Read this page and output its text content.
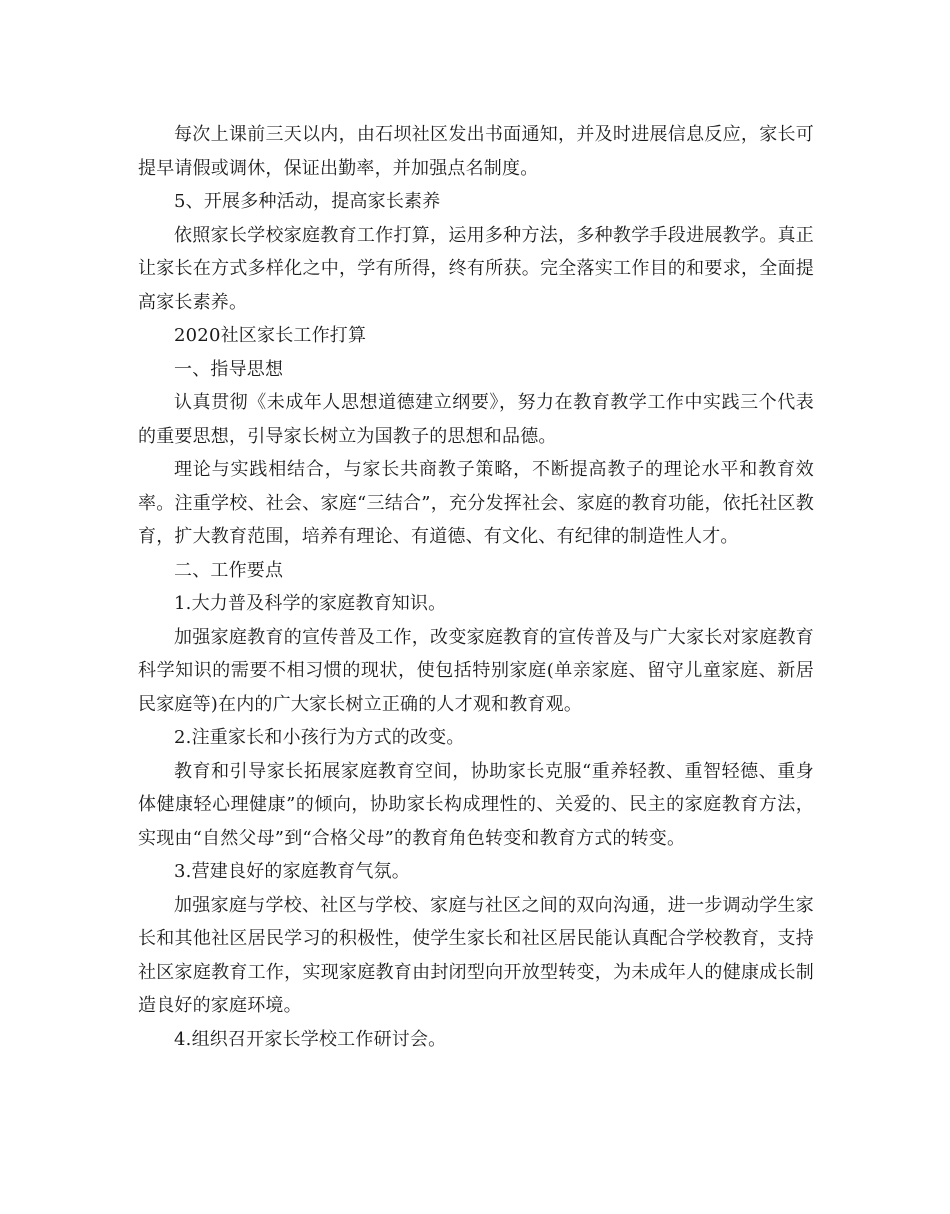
每次上课前三天以内，由石坝社区发出书面通知，并及时进展信息反应，家长可提早请假或调休，保证出勤率，并加强点名制度。

5、开展多种活动，提高家长素养

依照家长学校家庭教育工作打算，运用多种方法，多种教学手段进展教学。真正让家长在方式多样化之中，学有所得，终有所获。完全落实工作目的和要求，全面提高家长素养。

2020社区家长工作打算

一、指导思想

认真贯彻《未成年人思想道德建立纲要》，努力在教育教学工作中实践三个代表的重要思想，引导家长树立为国教子的思想和品德。

理论与实践相结合，与家长共商教子策略，不断提高教子的理论水平和教育效率。注重学校、社会、家庭“三结合”，充分发挥社会、家庭的教育功能，依托社区教育，扩大教育范围，培养有理论、有道德、有文化、有纪律的制造性人才。

二、工作要点

1.大力普及科学的家庭教育知识。

加强家庭教育的宣传普及工作，改变家庭教育的宣传普及与广大家长对家庭教育科学知识的需要不相习惯的现状，使包括特别家庭(单亲家庭、留守儿童家庭、新居民家庭等)在内的广大家长树立正确的人才观和教育观。

2.注重家长和小孩行为方式的改变。

教育和引导家长拓展家庭教育空间，协助家长克服“重养轻教、重智轻德、重身体健康轻心理健康”的倾向，协助家长构成理性的、关爱的、民主的家庭教育方法，实现由“自然父母”到“合格父母”的教育角色转变和教育方式的转变。

3.营建良好的家庭教育气氛。

加强家庭与学校、社区与学校、家庭与社区之间的双向沟通，进一步调动学生家长和其他社区居民学习的积极性，使学生家长和社区居民能认真配合学校教育，支持社区家庭教育工作，实现家庭教育由封闭型向开放型转变，为未成年人的健康成长制造良好的家庭环境。

4.组织召开家长学校工作研讨会。
